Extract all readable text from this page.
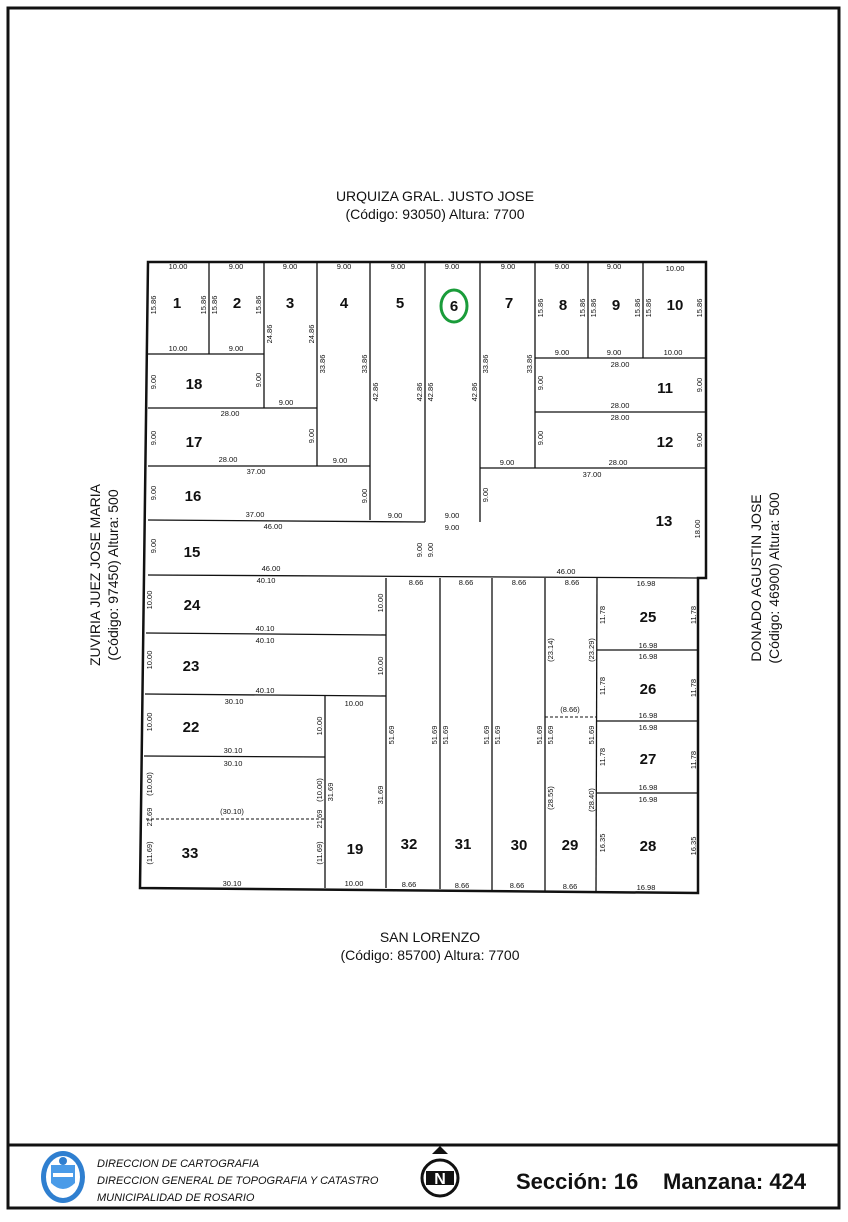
URQUIZA GRAL. JUSTO JOSE
(Código: 93050) Altura: 7700
SAN LORENZO
(Código: 85700) Altura: 7700
ZUVIRIA JUEZ JOSE MARIA (Código: 97450) Altura: 500	DONADO AGUSTIN JOSE (Código: 46900) Altura: 500
1	2	3	4	5	6	7	8	9	10
11
12
13
15
16
17
18
19
22
23
24
25
26
27
28
29
30
31
32
33
10.00	9.00	9.00	9.00	9.00	9.00	9.00	9.00	9.00	10.00
10.00	9.00	9.00	9.00	10.00
28.00
28.00
28.00
28.00
37.00
9.00
28.00
28.00	9.00	9.00
37.00
37.00	9.00	9.00
9.00
46.00
46.00	46.00
40.10	8.66	8.66	8.66	8.66	16.98
40.10
40.10
16.98
16.98
40.10
30.10	10.00
(8.66)
16.98
16.98
30.10
30.10
16.98
16.98
(30.10)
30.10	10.00	8.66	8.66	8.66	8.66	16.98
15.86	15.86 15.86	15.86
24.86	24.86
33.86	33.86
42.86	42.86 42.86	42.86
33.86	33.86
15.86	15.86 15.86	15.86 15.86	15.86
9.00	9.00
9.00	9.00
9.00	9.00	9.00
9.00	9.00
9.00	9.00
9.00	9.00 9.00
18.00
10.00	10.00
10.00	10.00
10.00	10.00
(10.00)	(10.00) 31.69	31.69
21.69	21.69
(11.69)	(11.69)
51.69	51.69 51.69	51.69 51.69	51.69 51.69	51.69
(23.14)	(23.29)
(28.55)	(28.40)
11.78	11.78
11.78	11.78
11.78	11.78
16.35	16.35
DIRECCION DE CARTOGRAFIA
DIRECCION GENERAL DE TOPOGRAFIA Y CATASTRO
MUNICIPALIDAD DE ROSARIO
N	Sección: 16 Manzana: 424
